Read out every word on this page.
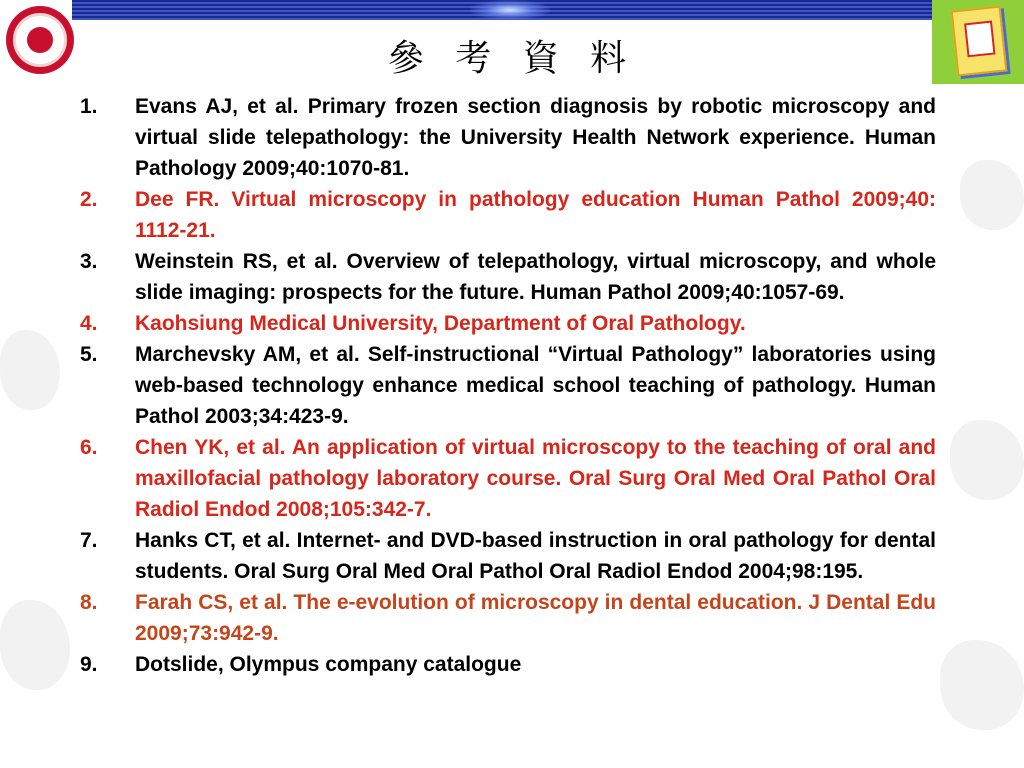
參 考 資 料
1.	Evans AJ, et al. Primary frozen section diagnosis by robotic microscopy and virtual slide telepathology: the University Health Network experience. Human Pathology 2009;40:1070-81.
2.	Dee FR. Virtual microscopy in pathology education Human Pathol 2009;40: 1112-21.
3.	Weinstein RS, et al. Overview of telepathology, virtual microscopy, and whole slide imaging: prospects for the future. Human Pathol 2009;40:1057-69.
4.	Kaohsiung Medical University, Department of Oral Pathology.
5.	Marchevsky AM, et al. Self-instructional “Virtual Pathology” laboratories using web-based technology enhance medical school teaching of pathology. Human Pathol 2003;34:423-9.
6.	Chen YK, et al. An application of virtual microscopy to the teaching of oral and maxillofacial pathology laboratory course. Oral Surg Oral Med Oral Pathol Oral Radiol Endod 2008;105:342-7.
7.	Hanks CT, et al. Internet- and DVD-based instruction in oral pathology for dental students. Oral Surg Oral Med Oral Pathol Oral Radiol Endod 2004;98:195.
8.	Farah CS, et al. The e-evolution of microscopy in dental education. J Dental Edu 2009;73:942-9.
9.	Dotslide, Olympus company catalogue
